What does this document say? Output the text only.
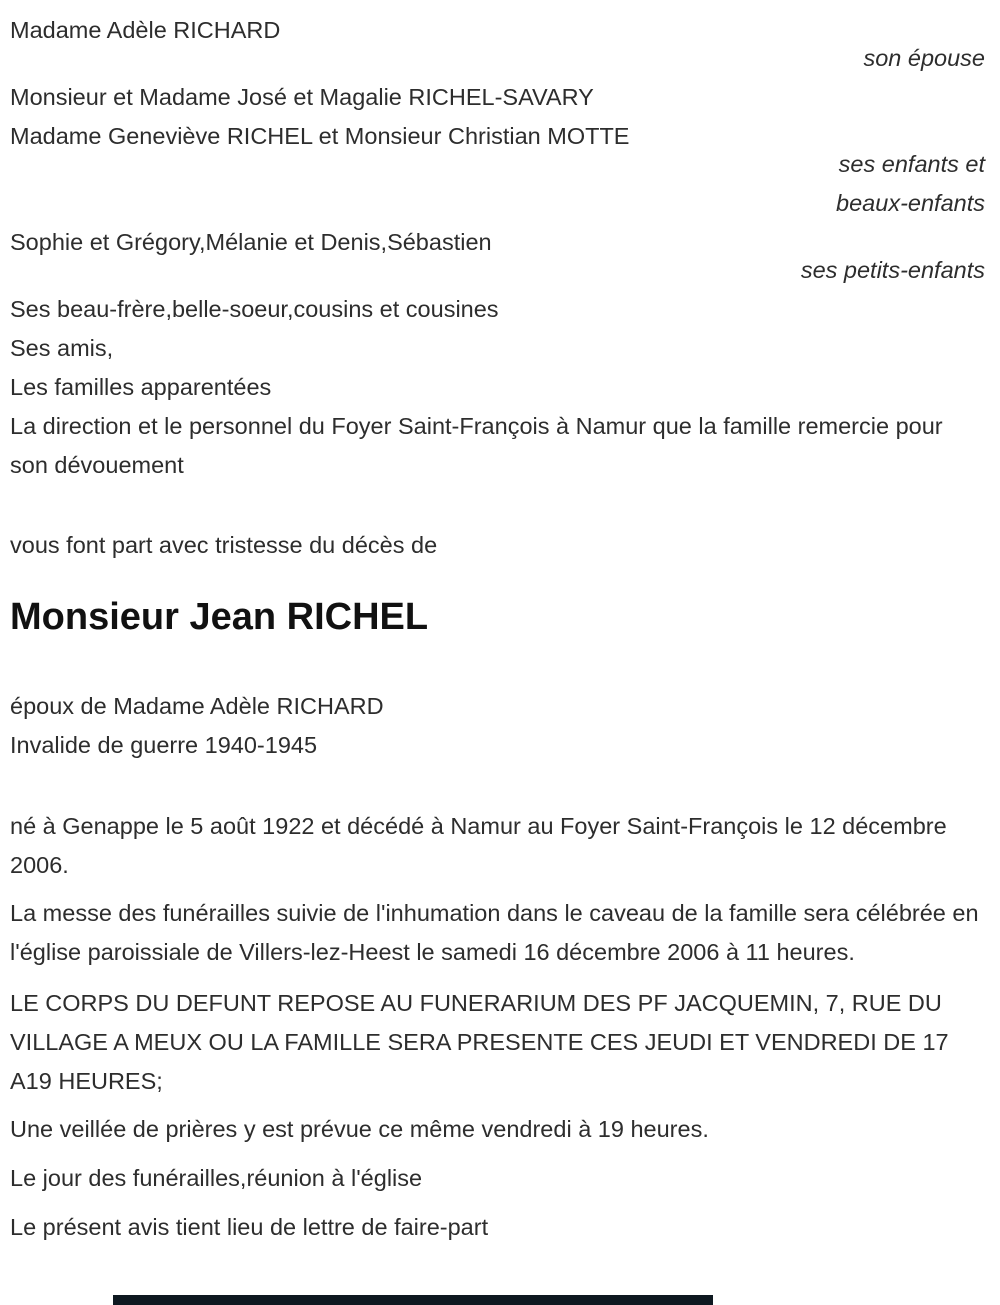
Madame Adèle RICHARD

son épouse

Monsieur et Madame José et Magalie RICHEL-SAVARY

Madame Geneviève RICHEL et Monsieur Christian MOTTE

ses enfants et

beaux-enfants

Sophie et Grégory,Mélanie et Denis,Sébastien

ses petits-enfants

Ses beau-frère,belle-soeur,cousins et cousines

Ses amis,

Les familles apparentées

La direction et le personnel du Foyer Saint-François à Namur que la famille remercie pour son dévouement

vous font part avec tristesse du décès de

Monsieur Jean RICHEL

époux de Madame Adèle RICHARD

Invalide de guerre 1940-1945

né à Genappe le 5 août 1922 et décédé à Namur au Foyer Saint-François le 12 décembre 2006.

La messe des funérailles suivie de l'inhumation dans le caveau de la famille sera célébrée en l'église paroissiale de Villers-lez-Heest le samedi 16 décembre 2006 à 11 heures.

LE CORPS DU DEFUNT REPOSE AU FUNERARIUM DES PF JACQUEMIN, 7, RUE DU VILLAGE A MEUX OU LA FAMILLE SERA PRESENTE CES JEUDI ET VENDREDI DE 17 A19 HEURES;

Une veillée de prières y est prévue ce même vendredi à 19 heures.

Le jour des funérailles,réunion à l'église

Le présent avis tient lieu de lettre de faire-part
